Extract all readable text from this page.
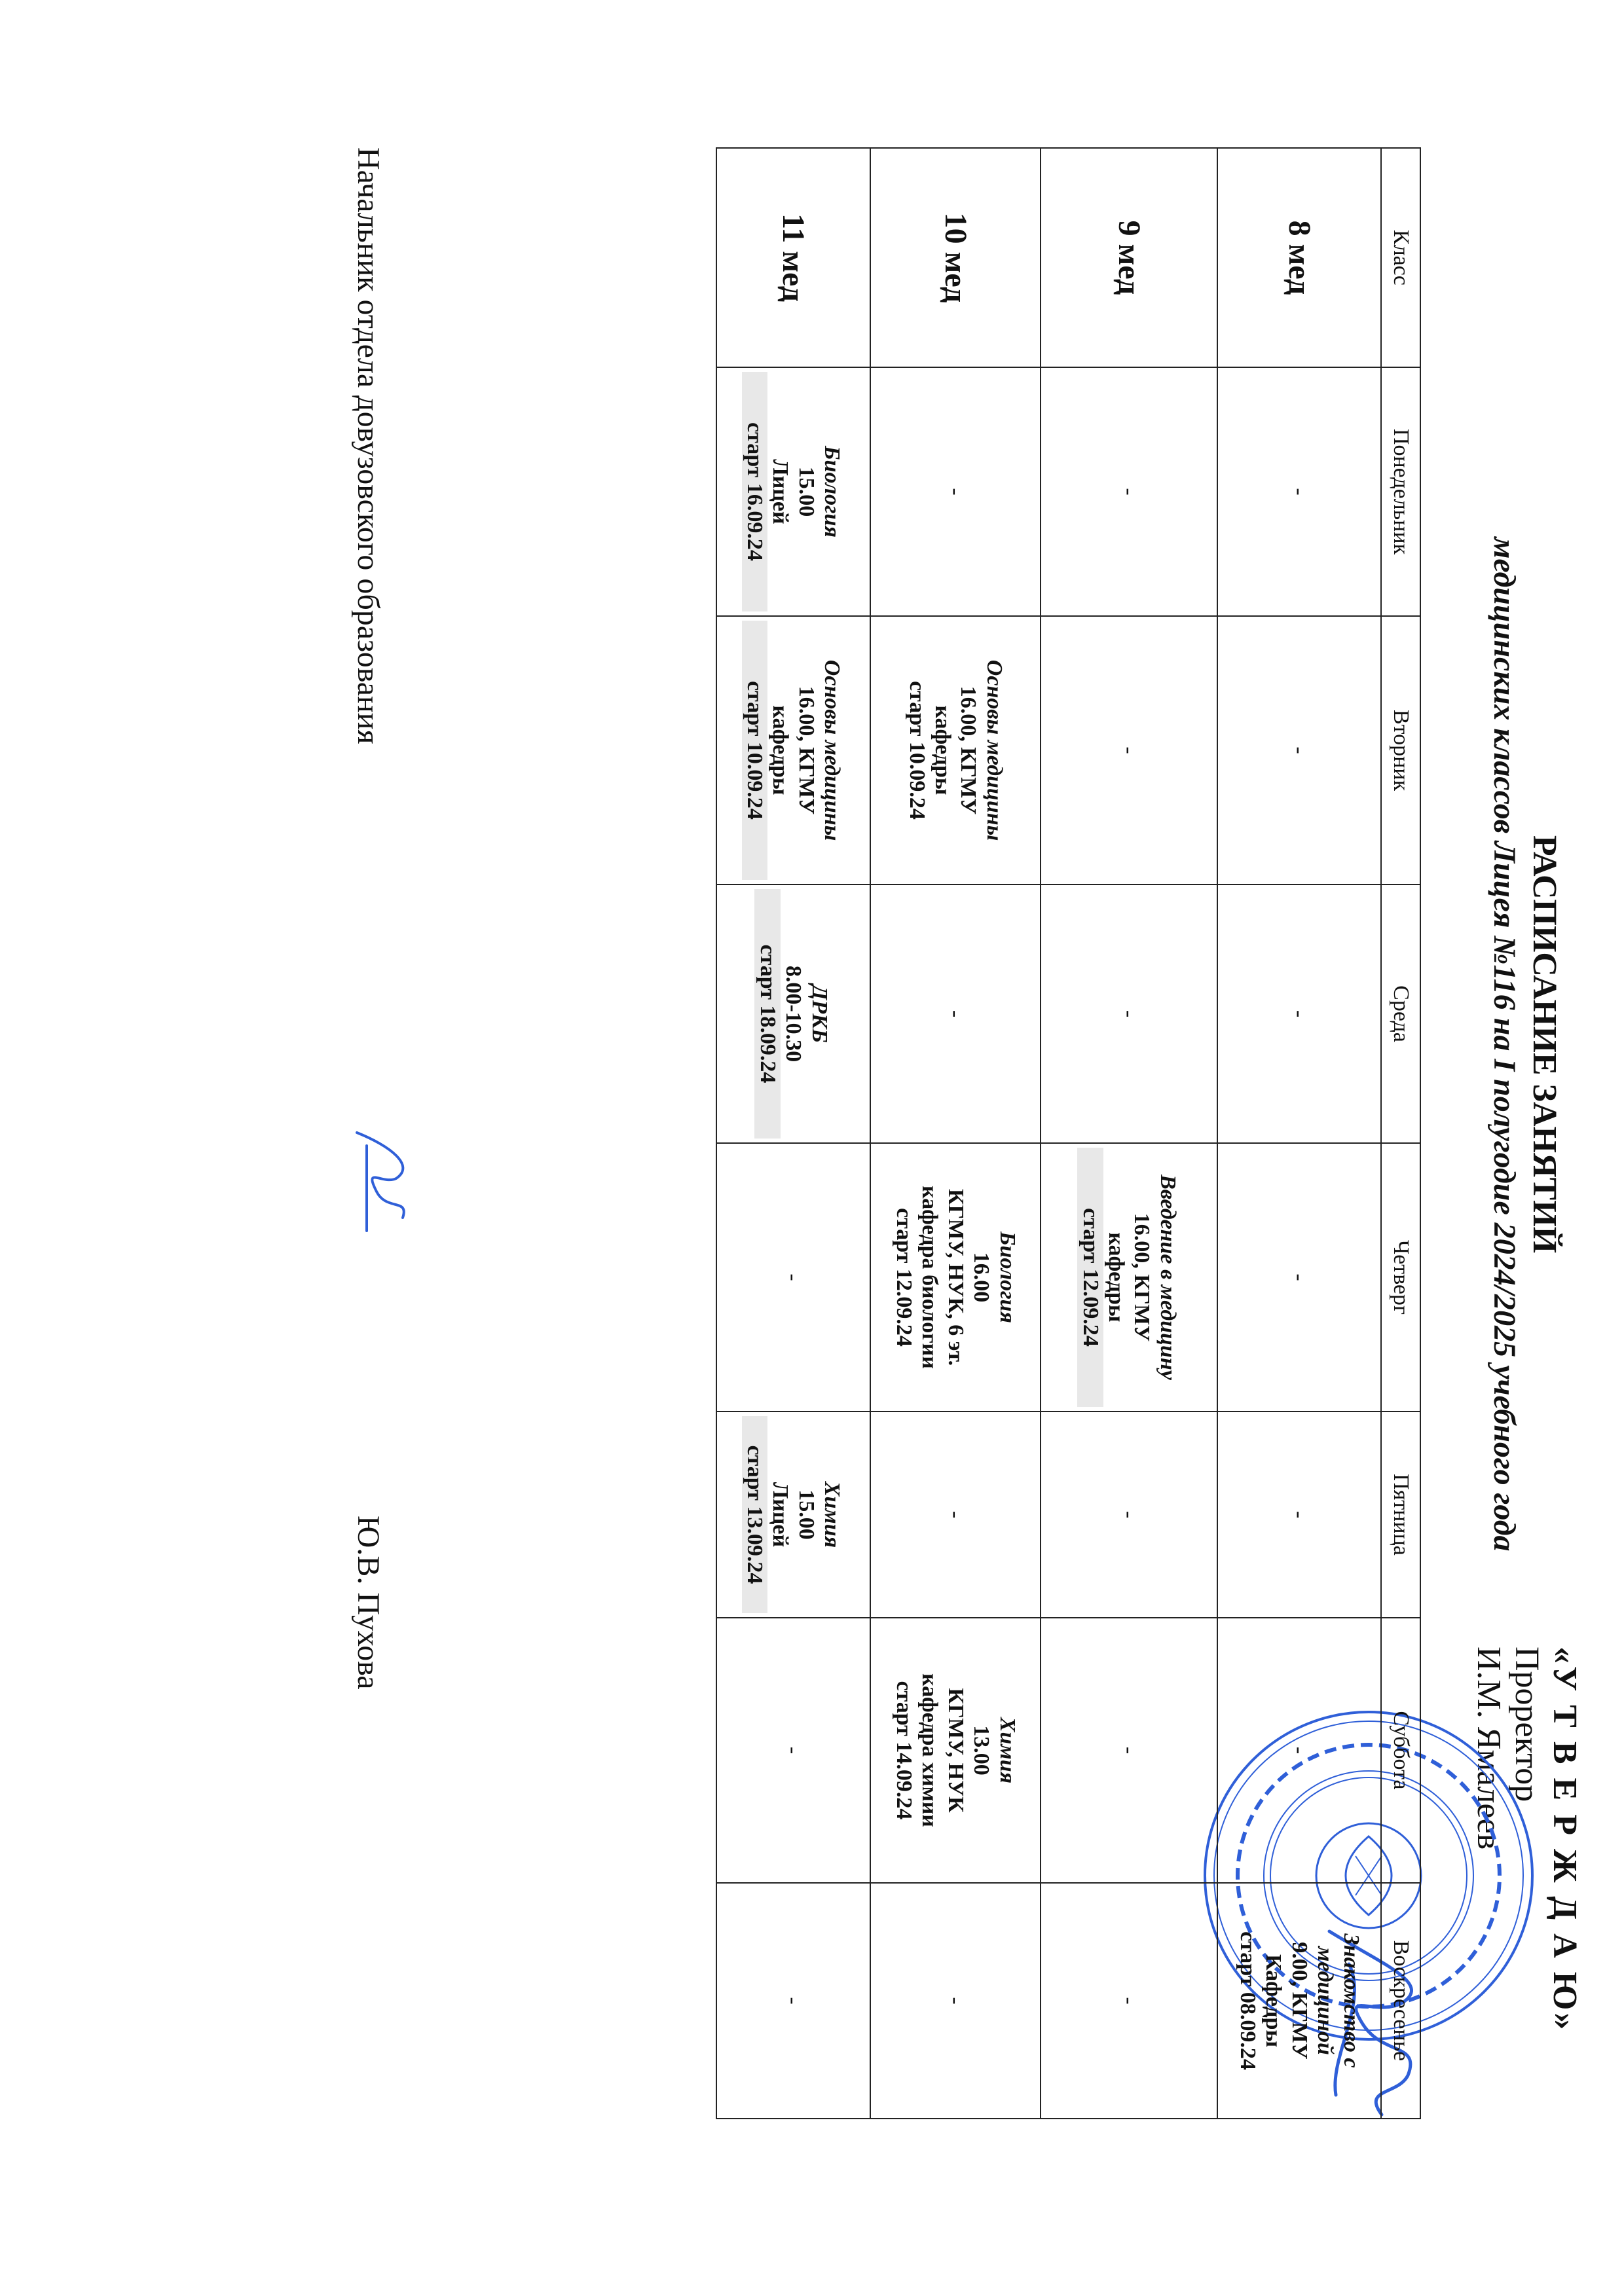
«У Т В Е Р Ж Д А Ю»
Проректор
И.М. Ямалеев
РАСПИСАНИЕ ЗАНЯТИЙ
медицинских классов Лицея №116 на I полугодие 2024/2025 учебного года
Класс	Понедельник	Вторник	Среда	Четверг	Пятница	Суббота	Воскресенье
8 мед	-	-	-	-	-	-	Знакомство с медициной
9.00, КГМУ
Кафедры
старт 08.09.24

9 мед	-	-	-	Введение в медицину
16.00, КГМУ
кафедры
старт 12.09.24	-	-	-
10 мед	-	Основы медицины
16.00, КГМУ
кафедры
старт 10.09.24	-	Биология
16.00
КГМУ, НУК, 6 эт.
кафедра биологии
старт 12.09.24	-	Химия
13.00
КГМУ, НУК
кафедра химии
старт 14.09.24	-
11 мед	Биология
15.00
Лицей
старт 16.09.24	Основы медицины
16.00, КГМУ
кафедры
старт 10.09.24	ДРКБ
8.00-10.30
старт 18.09.24	-	Химия
15.00
Лицей
старт 13.09.24	-	-
Начальник отдела довузовского образования
Ю.В. Пухова
